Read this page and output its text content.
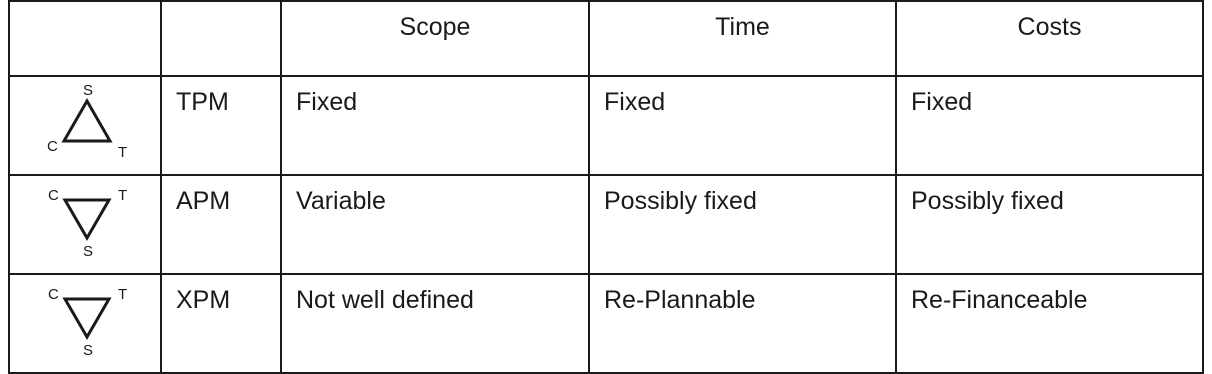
		Scope	Time	Costs

S
C T	TPM	Fixed	Fixed	Fixed

C T
S	APM	Variable	Possibly fixed	Possibly fixed

C T
S	XPM	Not well defined	Re-Plannable	Re-Financeable
